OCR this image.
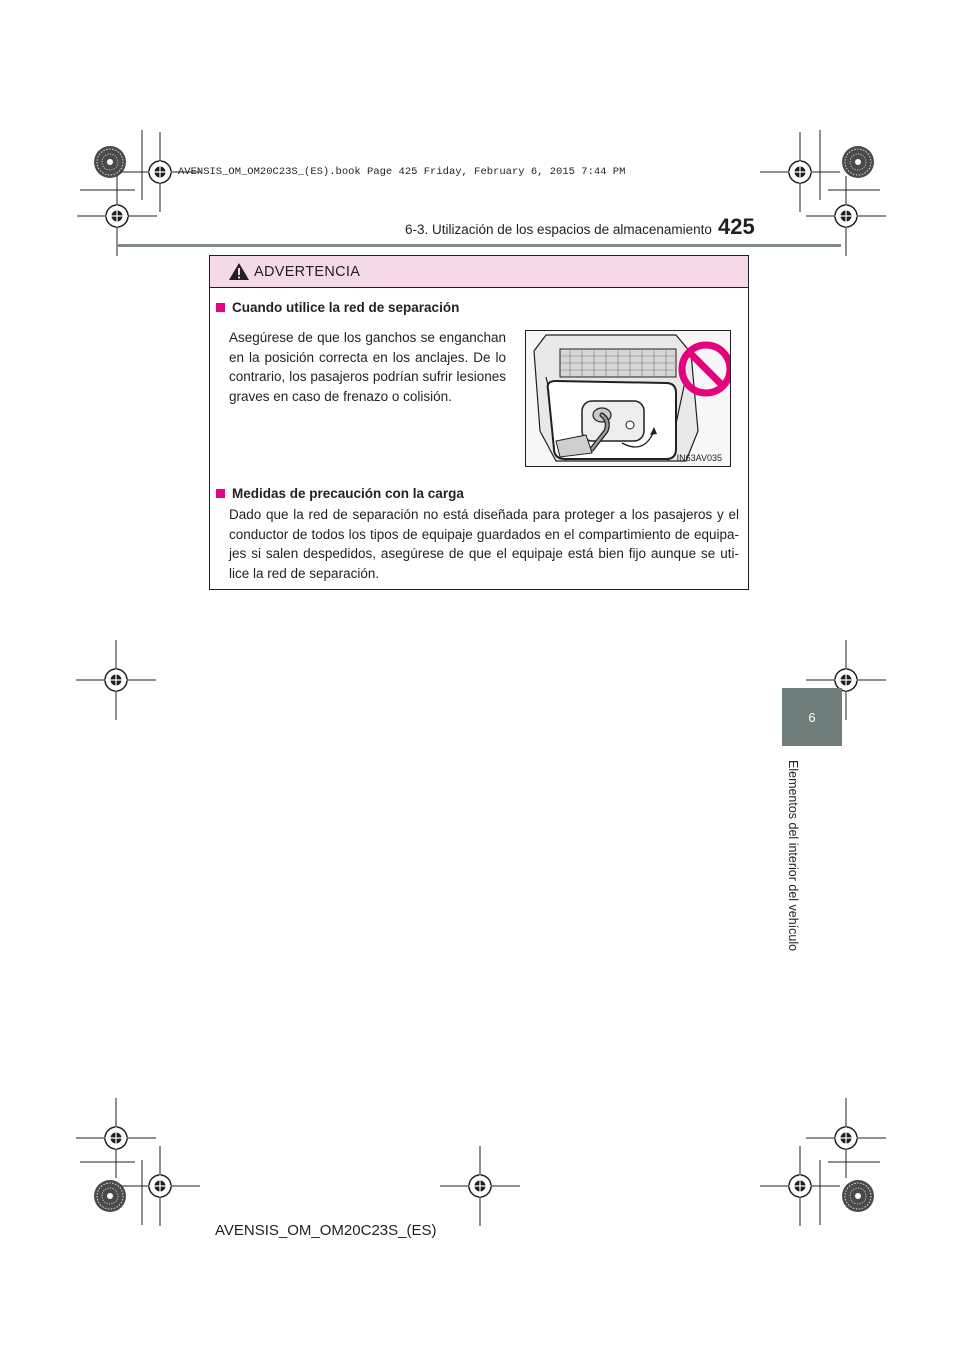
AVENSIS_OM_OM20C23S_(ES).book Page 425 Friday, February 6, 2015 7:44 PM
6-3. Utilización de los espacios de almacenamiento 425
6
Elementos del interior del vehículo
ADVERTENCIA
Cuando utilice la red de separación
Asegúrese de que los ganchos se enganchan en la posición correcta en los anclajes. De lo contrario, los pasajeros podrían sufrir lesiones graves en caso de frenazo o colisión.
IN63AV035
Medidas de precaución con la carga
Dado que la red de separación no está diseñada para proteger a los pasajeros y el conductor de todos los tipos de equipaje guardados en el compartimiento de equipa-jes si salen despedidos, asegúrese de que el equipaje está bien fijo aunque se uti-lice la red de separación.
AVENSIS_OM_OM20C23S_(ES)
